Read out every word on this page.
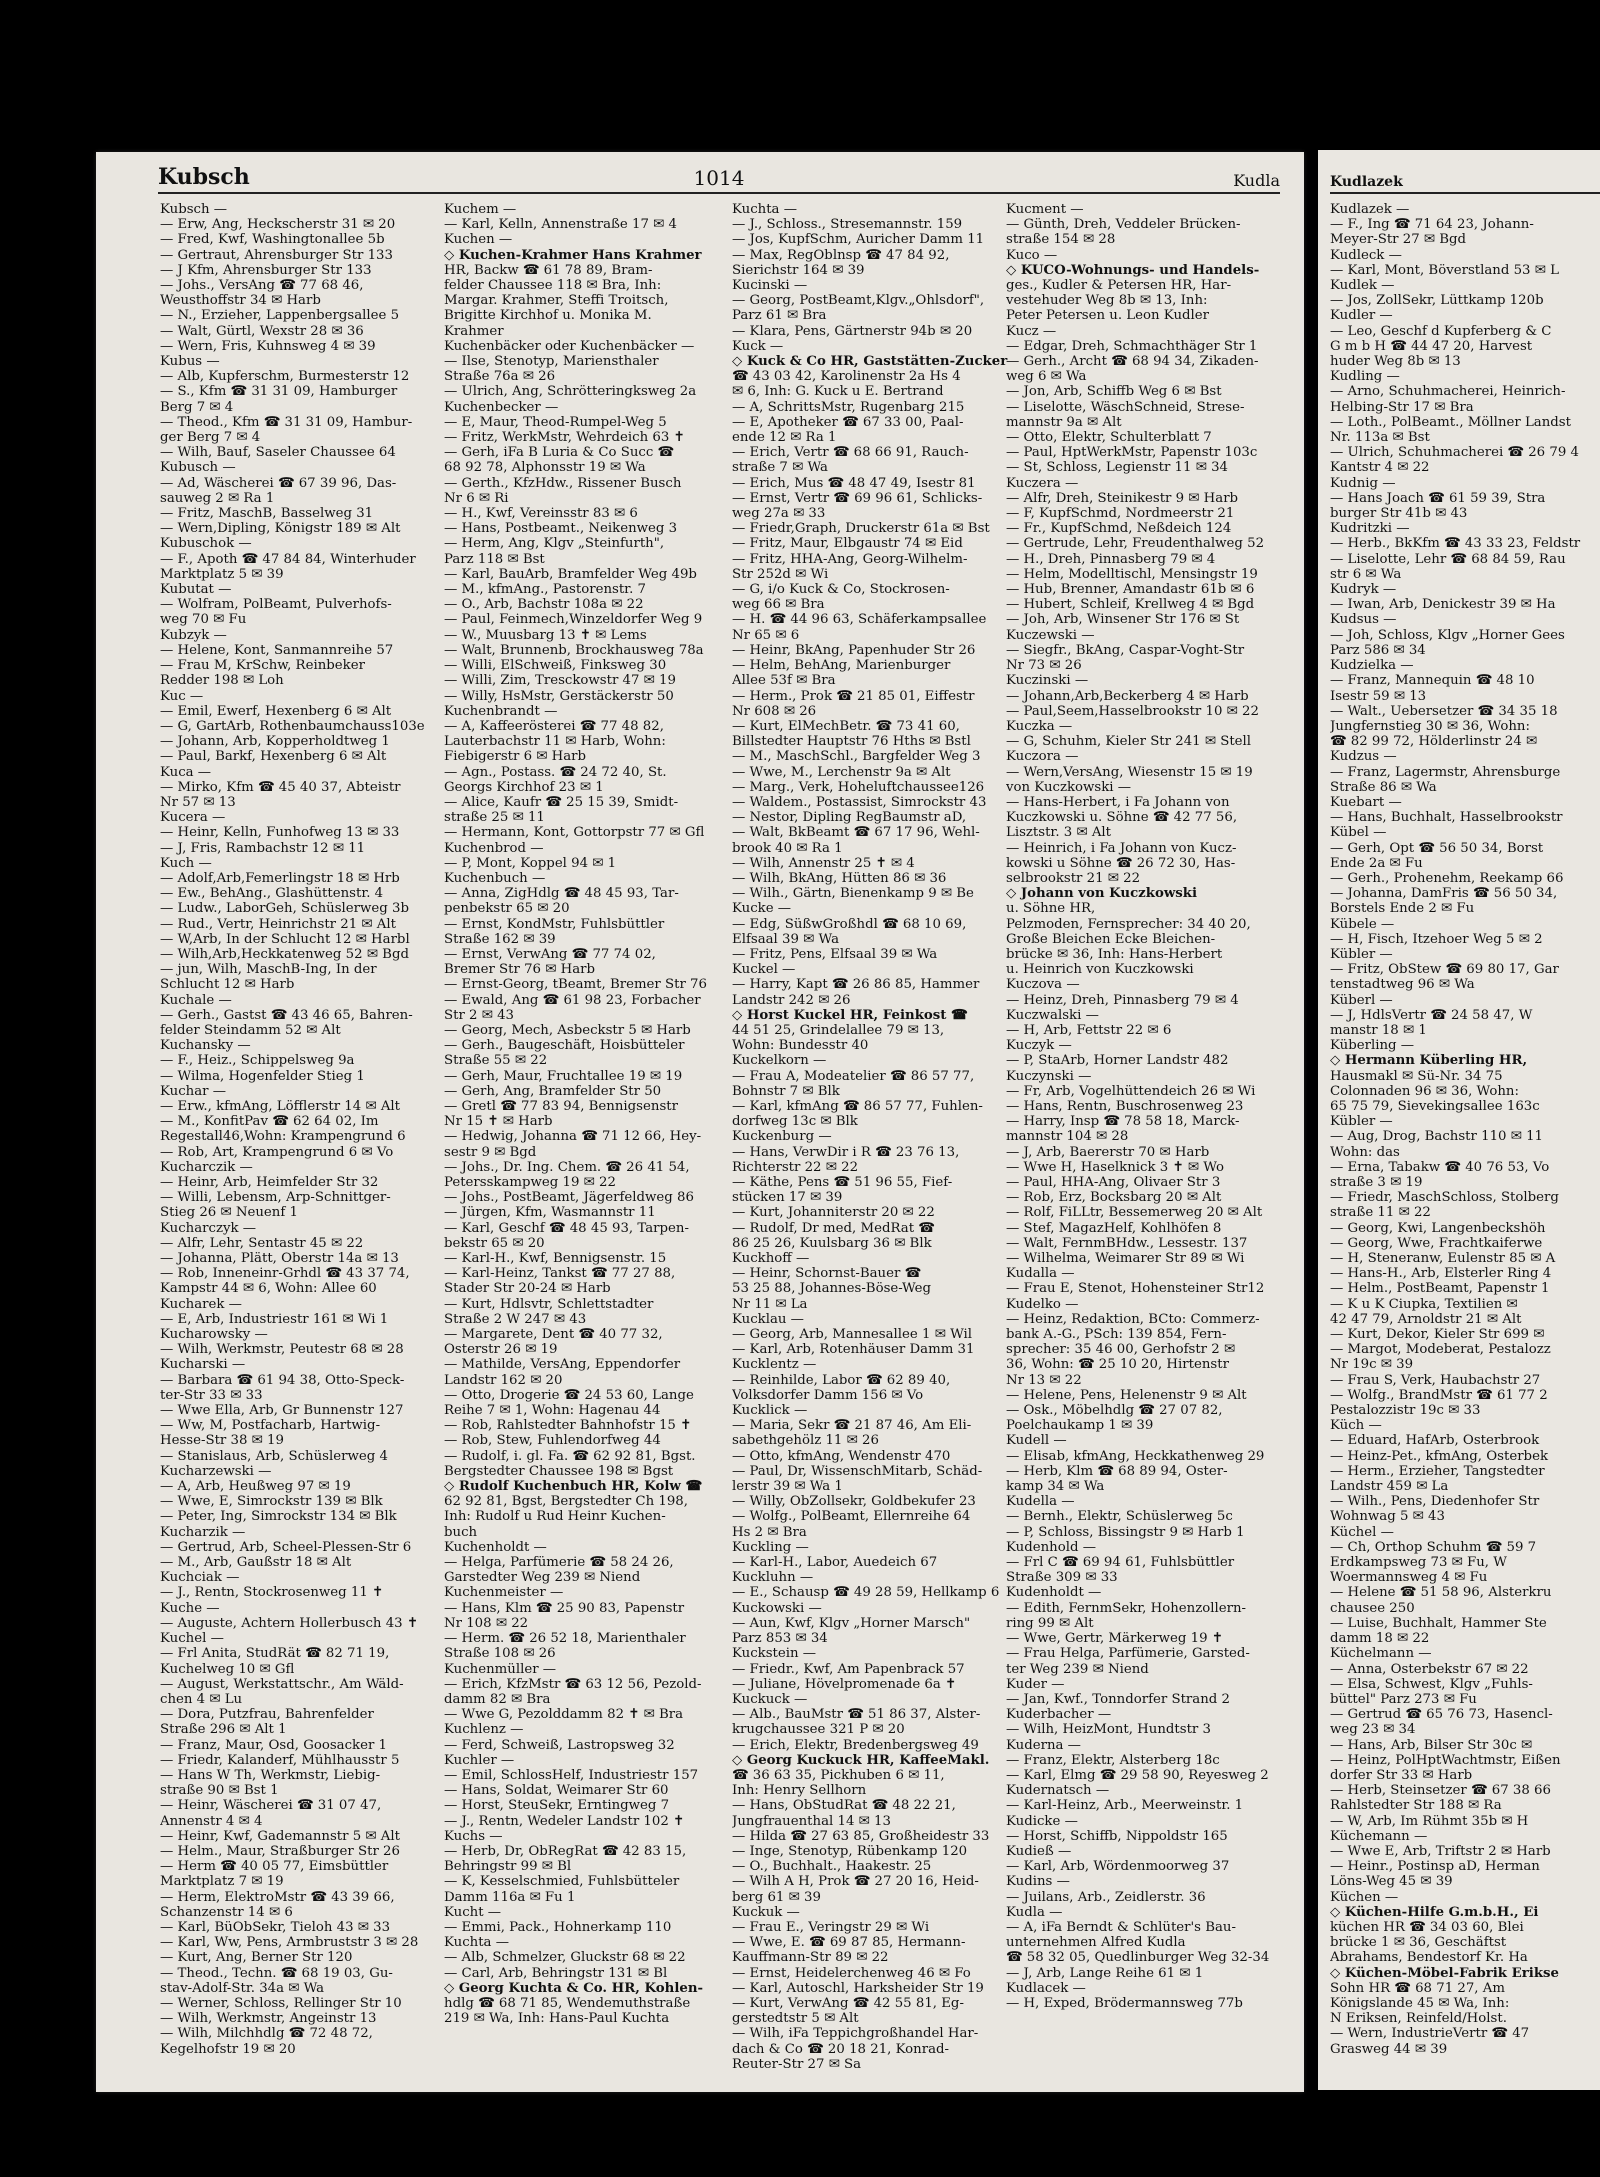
Kubsch	1014	Kudla
Kubsch —
— Erw, Ang, Heckscherstr 31 ✉ 20
— Fred, Kwf, Washingtonallee 5b
— Gertraut, Ahrensburger Str 133
— J Kfm, Ahrensburger Str 133
— Johs., VersAng ☎ 77 68 46,
Weusthoffstr 34 ✉ Harb
— N., Erzieher, Lappenbergsallee 5
— Walt, Gürtl, Wexstr 28 ✉ 36
— Wern, Fris, Kuhnsweg 4 ✉ 39
Kubus —
— Alb, Kupferschm, Burmesterstr 12
— S., Kfm ☎ 31 31 09, Hamburger
Berg 7 ✉ 4
— Theod., Kfm ☎ 31 31 09, Hambur-
ger Berg 7 ✉ 4
— Wilh, Bauf, Saseler Chaussee 64
Kubusch —
— Ad, Wäscherei ☎ 67 39 96, Das-
sauweg 2 ✉ Ra 1
— Fritz, MaschB, Basselweg 31
— Wern,Dipling, Königstr 189 ✉ Alt
Kubuschok —
— F., Apoth ☎ 47 84 84, Winterhuder
Marktplatz 5 ✉ 39
Kubutat —
— Wolfram, PolBeamt, Pulverhofs-
weg 70 ✉ Fu
Kubzyk —
— Helene, Kont, Sanmannreihe 57
— Frau M, KrSchw, Reinbeker
Redder 198 ✉ Loh
Kuc —
— Emil, Ewerf, Hexenberg 6 ✉ Alt
— G, GartArb, Rothenbaumchauss103e
— Johann, Arb, Kopperholdtweg 1
— Paul, Barkf, Hexenberg 6 ✉ Alt
Kuca —
— Mirko, Kfm ☎ 45 40 37, Abteistr
Nr 57 ✉ 13
Kucera —
— Heinr, Kelln, Funhofweg 13 ✉ 33
— J, Fris, Rambachstr 12 ✉ 11
Kuch —
— Adolf,Arb,Femerlingstr 18 ✉ Hrb
— Ew., BehAng., Glashüttenstr. 4
— Ludw., LaborGeh, Schüslerweg 3b
— Rud., Vertr, Heinrichstr 21 ✉ Alt
— W,Arb, In der Schlucht 12 ✉ Harbl
— Wilh,Arb,Heckkatenweg 52 ✉ Bgd
— jun, Wilh, MaschB-Ing, In der
Schlucht 12 ✉ Harb
Kuchale —
— Gerh., Gastst ☎ 43 46 65, Bahren-
felder Steindamm 52 ✉ Alt
Kuchansky —
— F., Heiz., Schippelsweg 9a
— Wilma, Hogenfelder Stieg 1
Kuchar —
— Erw., kfmAng, Löfflerstr 14 ✉ Alt
— M., KonfitPav ☎ 62 64 02, Im
Regestall46,Wohn: Krampengrund 6
— Rob, Art, Krampengrund 6 ✉ Vo
Kucharczik —
— Heinr, Arb, Heimfelder Str 32
— Willi, Lebensm, Arp-Schnittger-
Stieg 26 ✉ Neuenf 1
Kucharczyk —
— Alfr, Lehr, Sentastr 45 ✉ 22
— Johanna, Plätt, Oberstr 14a ✉ 13
— Rob, Inneneinr-Grhdl ☎ 43 37 74,
Kampstr 44 ✉ 6, Wohn: Allee 60
Kucharek —
— E, Arb, Industriestr 161 ✉ Wi 1
Kucharowsky —
— Wilh, Werkmstr, Peutestr 68 ✉ 28
Kucharski —
— Barbara ☎ 61 94 38, Otto-Speck-
ter-Str 33 ✉ 33
— Wwe Ella, Arb, Gr Bunnenstr 127
— Ww, M, Postfacharb, Hartwig-
Hesse-Str 38 ✉ 19
— Stanislaus, Arb, Schüslerweg 4
Kucharzewski —
— A, Arb, Heußweg 97 ✉ 19
— Wwe, E, Simrockstr 139 ✉ Blk
— Peter, Ing, Simrockstr 134 ✉ Blk
Kucharzik —
— Gertrud, Arb, Scheel-Plessen-Str 6
— M., Arb, Gaußstr 18 ✉ Alt
Kuchciak —
— J., Rentn, Stockrosenweg 11 ✝
Kuche —
— Auguste, Achtern Hollerbusch 43 ✝
Kuchel —
— Frl Anita, StudRät ☎ 82 71 19,
Kuchelweg 10 ✉ Gfl
— August, Werkstattschr., Am Wäld-
chen 4 ✉ Lu
— Dora, Putzfrau, Bahrenfelder
Straße 296 ✉ Alt 1
— Franz, Maur, Osd, Goosacker 1
— Friedr, Kalanderf, Mühlhausstr 5
— Hans W Th, Werkmstr, Liebig-
straße 90 ✉ Bst 1
— Heinr, Wäscherei ☎ 31 07 47,
Annenstr 4 ✉ 4
— Heinr, Kwf, Gademannstr 5 ✉ Alt
— Helm., Maur, Straßburger Str 26
— Herm ☎ 40 05 77, Eimsbüttler
Marktplatz 7 ✉ 19
— Herm, ElektroMstr ☎ 43 39 66,
Schanzenstr 14 ✉ 6
— Karl, BüObSekr, Tieloh 43 ✉ 33
— Karl, Ww, Pens, Armbruststr 3 ✉ 28
— Kurt, Ang, Berner Str 120
— Theod., Techn. ☎ 68 19 03, Gu-
stav-Adolf-Str. 34a ✉ Wa
— Werner, Schloss, Rellinger Str 10
— Wilh, Werkmstr, Angeinstr 13
— Wilh, Milchhdlg ☎ 72 48 72,
Kegelhofstr 19 ✉ 20
Kuchem —
— Karl, Kelln, Annenstraße 17 ✉ 4
Kuchen —
◇ Kuchen-Krahmer Hans Krahmer
HR, Backw ☎ 61 78 89, Bram-
felder Chaussee 118 ✉ Bra, Inh:
Margar. Krahmer, Steffi Troitsch,
Brigitte Kirchhof u. Monika M.
Krahmer
Kuchenbäcker oder Kuchenbäcker —
— Ilse, Stenotyp, Mariensthaler
Straße 76a ✉ 26
— Ulrich, Ang, Schrötteringksweg 2a
Kuchenbecker —
— E, Maur, Theod-Rumpel-Weg 5
— Fritz, WerkMstr, Wehrdeich 63 ✝
— Gerh, iFa B Luria & Co Succ ☎
68 92 78, Alphonsstr 19 ✉ Wa
— Gerth., KfzHdw., Rissener Busch
Nr 6 ✉ Ri
— H., Kwf, Vereinsstr 83 ✉ 6
— Hans, Postbeamt., Neikenweg 3
— Herm, Ang, Klgv „Steinfurth",
Parz 118 ✉ Bst
— Karl, BauArb, Bramfelder Weg 49b
— M., kfmAng., Pastorenstr. 7
— O., Arb, Bachstr 108a ✉ 22
— Paul, Feinmech,Winzeldorfer Weg 9
— W., Muusbarg 13 ✝ ✉ Lems
— Walt, Brunnenb, Brockhausweg 78a
— Willi, ElSchweiß, Finksweg 30
— Willi, Zim, Tresckowstr 47 ✉ 19
— Willy, HsMstr, Gerstäckerstr 50
Kuchenbrandt —
— A, Kaffeerösterei ☎ 77 48 82,
Lauterbachstr 11 ✉ Harb, Wohn:
Fiebigerstr 6 ✉ Harb
— Agn., Postass. ☎ 24 72 40, St.
Georgs Kirchhof 23 ✉ 1
— Alice, Kaufr ☎ 25 15 39, Smidt-
straße 25 ✉ 11
— Hermann, Kont, Gottorpstr 77 ✉ Gfl
Kuchenbrod —
— P, Mont, Koppel 94 ✉ 1
Kuchenbuch —
— Anna, ZigHdlg ☎ 48 45 93, Tar-
penbekstr 65 ✉ 20
— Ernst, KondMstr, Fuhlsbüttler
Straße 162 ✉ 39
— Ernst, VerwAng ☎ 77 74 02,
Bremer Str 76 ✉ Harb
— Ernst-Georg, tBeamt, Bremer Str 76
— Ewald, Ang ☎ 61 98 23, Forbacher
Str 2 ✉ 43
— Georg, Mech, Asbeckstr 5 ✉ Harb
— Gerh., Baugeschäft, Hoisbütteler
Straße 55 ✉ 22
— Gerh, Maur, Fruchtallee 19 ✉ 19
— Gerh, Ang, Bramfelder Str 50
— Gretl ☎ 77 83 94, Bennigsenstr
Nr 15 ✝ ✉ Harb
— Hedwig, Johanna ☎ 71 12 66, Hey-
sestr 9 ✉ Bgd
— Johs., Dr. Ing. Chem. ☎ 26 41 54,
Petersskampweg 19 ✉ 22
— Johs., PostBeamt, Jägerfeldweg 86
— Jürgen, Kfm, Wasmannstr 11
— Karl, Geschf ☎ 48 45 93, Tarpen-
bekstr 65 ✉ 20
— Karl-H., Kwf, Bennigsenstr. 15
— Karl-Heinz, Tankst ☎ 77 27 88,
Stader Str 20-24 ✉ Harb
— Kurt, Hdlsvtr, Schlettstadter
Straße 2 W 247 ✉ 43
— Margarete, Dent ☎ 40 77 32,
Osterstr 26 ✉ 19
— Mathilde, VersAng, Eppendorfer
Landstr 162 ✉ 20
— Otto, Drogerie ☎ 24 53 60, Lange
Reihe 7 ✉ 1, Wohn: Hagenau 44
— Rob, Rahlstedter Bahnhofstr 15 ✝
— Rob, Stew, Fuhlendorfweg 44
— Rudolf, i. gl. Fa. ☎ 62 92 81, Bgst.
Bergstedter Chaussee 198 ✉ Bgst
◇ Rudolf Kuchenbuch HR, Kolw ☎
62 92 81, Bgst, Bergstedter Ch 198,
Inh: Rudolf u Rud Heinr Kuchen-
buch
Kuchenholdt —
— Helga, Parfümerie ☎ 58 24 26,
Garstedter Weg 239 ✉ Niend
Kuchenmeister —
— Hans, Klm ☎ 25 90 83, Papenstr
Nr 108 ✉ 22
— Herm. ☎ 26 52 18, Marienthaler
Straße 108 ✉ 26
Kuchenmüller —
— Erich, KfzMstr ☎ 63 12 56, Pezold-
damm 82 ✉ Bra
— Wwe G, Pezolddamm 82 ✝ ✉ Bra
Kuchlenz —
— Ferd, Schweiß, Lastropsweg 32
Kuchler —
— Emil, SchlossHelf, Industriestr 157
— Hans, Soldat, Weimarer Str 60
— Horst, SteuSekr, Erntingweg 7
— J., Rentn, Wedeler Landstr 102 ✝
Kuchs —
— Herb, Dr, ObRegRat ☎ 42 83 15,
Behringstr 99 ✉ Bl
— K, Kesselschmied, Fuhlsbütteler
Damm 116a ✉ Fu 1
Kucht —
— Emmi, Pack., Hohnerkamp 110
Kuchta —
— Alb, Schmelzer, Gluckstr 68 ✉ 22
— Carl, Arb, Behringstr 131 ✉ Bl
◇ Georg Kuchta & Co. HR, Kohlen-
hdlg ☎ 68 71 85, Wendemuthstraße
219 ✉ Wa, Inh: Hans-Paul Kuchta
Kuchta —
— J., Schloss., Stresemannstr. 159
— Jos, KupfSchm, Auricher Damm 11
— Max, RegOblnsp ☎ 47 84 92,
Sierichstr 164 ✉ 39
Kucinski —
— Georg, PostBeamt,Klgv.„Ohlsdorf",
Parz 61 ✉ Bra
— Klara, Pens, Gärtnerstr 94b ✉ 20
Kuck —
◇ Kuck & Co HR, Gaststätten-Zucker
☎ 43 03 42, Karolinenstr 2a Hs 4
✉ 6, Inh: G. Kuck u E. Bertrand
— A, SchrittsMstr, Rugenbarg 215
— E, Apotheker ☎ 67 33 00, Paal-
ende 12 ✉ Ra 1
— Erich, Vertr ☎ 68 66 91, Rauch-
straße 7 ✉ Wa
— Erich, Mus ☎ 48 47 49, Isestr 81
— Ernst, Vertr ☎ 69 96 61, Schlicks-
weg 27a ✉ 33
— Friedr,Graph, Druckerstr 61a ✉ Bst
— Fritz, Maur, Elbgaustr 74 ✉ Eid
— Fritz, HHA-Ang, Georg-Wilhelm-
Str 252d ✉ Wi
— G, i/o Kuck & Co, Stockrosen-
weg 66 ✉ Bra
— H. ☎ 44 96 63, Schäferkampsallee
Nr 65 ✉ 6
— Heinr, BkAng, Papenhuder Str 26
— Helm, BehAng, Marienburger
Allee 53f ✉ Bra
— Herm., Prok ☎ 21 85 01, Eiffestr
Nr 608 ✉ 26
— Kurt, ElMechBetr. ☎ 73 41 60,
Billstedter Hauptstr 76 Hths ✉ Bstl
— M., MaschSchl., Bargfelder Weg 3
— Wwe, M., Lerchenstr 9a ✉ Alt
— Marg., Verk, Hoheluftchaussee126
— Waldem., Postassist, Simrockstr 43
— Nestor, Dipling RegBaumstr aD,
— Walt, BkBeamt ☎ 67 17 96, Wehl-
brook 40 ✉ Ra 1
— Wilh, Annenstr 25 ✝ ✉ 4
— Wilh, BkAng, Hütten 86 ✉ 36
— Wilh., Gärtn, Bienenkamp 9 ✉ Be
Kucke —
— Edg, SüßwGroßhdl ☎ 68 10 69,
Elfsaal 39 ✉ Wa
— Fritz, Pens, Elfsaal 39 ✉ Wa
Kuckel —
— Harry, Kapt ☎ 26 86 85, Hammer
Landstr 242 ✉ 26
◇ Horst Kuckel HR, Feinkost ☎
44 51 25, Grindelallee 79 ✉ 13,
Wohn: Bundesstr 40
Kuckelkorn —
— Frau A, Modeatelier ☎ 86 57 77,
Bohnstr 7 ✉ Blk
— Karl, kfmAng ☎ 86 57 77, Fuhlen-
dorfweg 13c ✉ Blk
Kuckenburg —
— Hans, VerwDir i R ☎ 23 76 13,
Richterstr 22 ✉ 22
— Käthe, Pens ☎ 51 96 55, Fief-
stücken 17 ✉ 39
— Kurt, Johanniterstr 20 ✉ 22
— Rudolf, Dr med, MedRat ☎
86 25 26, Kuulsbarg 36 ✉ Blk
Kuckhoff —
— Heinr, Schornst-Bauer ☎
53 25 88, Johannes-Böse-Weg
Nr 11 ✉ La
Kucklau —
— Georg, Arb, Mannesallee 1 ✉ Wil
— Karl, Arb, Rotenhäuser Damm 31
Kucklentz —
— Reinhilde, Labor ☎ 62 89 40,
Volksdorfer Damm 156 ✉ Vo
Kucklick —
— Maria, Sekr ☎ 21 87 46, Am Eli-
sabethgehölz 11 ✉ 26
— Otto, kfmAng, Wendenstr 470
— Paul, Dr, WissenschMitarb, Schäd-
lerstr 39 ✉ Wa 1
— Willy, ObZollsekr, Goldbekufer 23
— Wolfg., PolBeamt, Ellernreihe 64
Hs 2 ✉ Bra
Kuckling —
— Karl-H., Labor, Auedeich 67
Kuckluhn —
— E., Schausp ☎ 49 28 59, Hellkamp 6
Kuckowski —
— Aun, Kwf, Klgv „Horner Marsch"
Parz 853 ✉ 34
Kuckstein —
— Friedr., Kwf, Am Papenbrack 57
— Juliane, Hövelpromenade 6a ✝
Kuckuck —
— Alb., BauMstr ☎ 51 86 37, Alster-
krugchaussee 321 P ✉ 20
— Erich, Elektr, Bredenbergsweg 49
◇ Georg Kuckuck HR, KaffeeMakl.
☎ 36 63 35, Pickhuben 6 ✉ 11,
Inh: Henry Sellhorn
— Hans, ObStudRat ☎ 48 22 21,
Jungfrauenthal 14 ✉ 13
— Hilda ☎ 27 63 85, Großheidestr 33
— Inge, Stenotyp, Rübenkamp 120
— O., Buchhalt., Haakestr. 25
— Wilh A H, Prok ☎ 27 20 16, Heid-
berg 61 ✉ 39
Kuckuk —
— Frau E., Veringstr 29 ✉ Wi
— Wwe, E. ☎ 69 87 85, Hermann-
Kauffmann-Str 89 ✉ 22
— Ernst, Heidelerchenweg 46 ✉ Fo
— Karl, Autoschl, Harksheider Str 19
— Kurt, VerwAng ☎ 42 55 81, Eg-
gerstedtstr 5 ✉ Alt
— Wilh, iFa Teppichgroßhandel Har-
dach & Co ☎ 20 18 21, Konrad-
Reuter-Str 27 ✉ Sa
Kucment —
— Günth, Dreh, Veddeler Brücken-
straße 154 ✉ 28
Kuco —
◇ KUCO-Wohnungs- und Handels-
ges., Kudler & Petersen HR, Har-
vestehuder Weg 8b ✉ 13, Inh:
Peter Petersen u. Leon Kudler
Kucz —
— Edgar, Dreh, Schmachthäger Str 1
— Gerh., Archt ☎ 68 94 34, Zikaden-
weg 6 ✉ Wa
— Jon, Arb, Schiffb Weg 6 ✉ Bst
— Liselotte, WäschSchneid, Strese-
mannstr 9a ✉ Alt
— Otto, Elektr, Schulterblatt 7
— Paul, HptWerkMstr, Papenstr 103c
— St, Schloss, Legienstr 11 ✉ 34
Kuczera —
— Alfr, Dreh, Steinikestr 9 ✉ Harb
— F, KupfSchmd, Nordmeerstr 21
— Fr., KupfSchmd, Neßdeich 124
— Gertrude, Lehr, Freudenthalweg 52
— H., Dreh, Pinnasberg 79 ✉ 4
— Helm, Modelltischl, Mensingstr 19
— Hub, Brenner, Amandastr 61b ✉ 6
— Hubert, Schleif, Krellweg 4 ✉ Bgd
— Joh, Arb, Winsener Str 176 ✉ St
Kuczewski —
— Siegfr., BkAng, Caspar-Voght-Str
Nr 73 ✉ 26
Kuczinski —
— Johann,Arb,Beckerberg 4 ✉ Harb
— Paul,Seem,Hasselbrookstr 10 ✉ 22
Kuczka —
— G, Schuhm, Kieler Str 241 ✉ Stell
Kuczora —
— Wern,VersAng, Wiesenstr 15 ✉ 19
von Kuczkowski —
— Hans-Herbert, i Fa Johann von
Kuczkowski u. Söhne ☎ 42 77 56,
Lisztstr. 3 ✉ Alt
— Heinrich, i Fa Johann von Kucz-
kowski u Söhne ☎ 26 72 30, Has-
selbrookstr 21 ✉ 22
◇ Johann von Kuczkowski
u. Söhne HR,
Pelzmoden, Fernsprecher: 34 40 20,
Große Bleichen Ecke Bleichen-
brücke ✉ 36, Inh: Hans-Herbert
u. Heinrich von Kuczkowski
Kuczova —
— Heinz, Dreh, Pinnasberg 79 ✉ 4
Kuczwalski —
— H, Arb, Fettstr 22 ✉ 6
Kuczyk —
— P, StaArb, Horner Landstr 482
Kuczynski —
— Fr, Arb, Vogelhüttendeich 26 ✉ Wi
— Hans, Rentn, Buschrosenweg 23
— Harry, Insp ☎ 78 58 18, Marck-
mannstr 104 ✉ 28
— J, Arb, Baererstr 70 ✉ Harb
— Wwe H, Haselknick 3 ✝ ✉ Wo
— Paul, HHA-Ang, Olivaer Str 3
— Rob, Erz, Bocksbarg 20 ✉ Alt
— Rolf, FiLLtr, Bessemerweg 20 ✉ Alt
— Stef, MagazHelf, Kohlhöfen 8
— Walt, FernmBHdw., Lessestr. 137
— Wilhelma, Weimarer Str 89 ✉ Wi
Kudalla —
— Frau E, Stenot, Hohensteiner Str12
Kudelko —
— Heinz, Redaktion, BCto: Commerz-
bank A.-G., PSch: 139 854, Fern-
sprecher: 35 46 00, Gerhofstr 2 ✉
36, Wohn: ☎ 25 10 20, Hirtenstr
Nr 13 ✉ 22
— Helene, Pens, Helenenstr 9 ✉ Alt
— Osk., Möbelhdlg ☎ 27 07 82,
Poelchaukamp 1 ✉ 39
Kudell —
— Elisab, kfmAng, Heckkathenweg 29
— Herb, Klm ☎ 68 89 94, Oster-
kamp 34 ✉ Wa
Kudella —
— Bernh., Elektr, Schüslerweg 5c
— P, Schloss, Bissingstr 9 ✉ Harb 1
Kudenhold —
— Frl C ☎ 69 94 61, Fuhlsbüttler
Straße 309 ✉ 33
Kudenholdt —
— Edith, FernmSekr, Hohenzollern-
ring 99 ✉ Alt
— Wwe, Gertr, Märkerweg 19 ✝
— Frau Helga, Parfümerie, Garsted-
ter Weg 239 ✉ Niend
Kuder —
— Jan, Kwf., Tonndorfer Strand 2
Kuderbacher —
— Wilh, HeizMont, Hundtstr 3
Kuderna —
— Franz, Elektr, Alsterberg 18c
— Karl, Elmg ☎ 29 58 90, Reyesweg 2
Kudernatsch —
— Karl-Heinz, Arb., Meerweinstr. 1
Kudicke —
— Horst, Schiffb, Nippoldstr 165
Kudieß —
— Karl, Arb, Wördenmoorweg 37
Kudins —
— Juilans, Arb., Zeidlerstr. 36
Kudla —
— A, iFa Berndt & Schlüter's Bau-
unternehmen Alfred Kudla
☎ 58 32 05, Quedlinburger Weg 32-34
— J, Arb, Lange Reihe 61 ✉ 1
Kudlacek —
— H, Exped, Brödermannsweg 77b
Kudlazek
Kudlazek —
— F., Ing ☎ 71 64 23, Johann-
Meyer-Str 27 ✉ Bgd
Kudleck —
— Karl, Mont, Böverstland 53 ✉ L
Kudlek —
— Jos, ZollSekr, Lüttkamp 120b
Kudler —
— Leo, Geschf d Kupferberg & C
G m b H ☎ 44 47 20, Harvest
huder Weg 8b ✉ 13
Kudling —
— Arno, Schuhmacherei, Heinrich-
Helbing-Str 17 ✉ Bra
— Loth., PolBeamt., Möllner Landst
Nr. 113a ✉ Bst
— Ulrich, Schuhmacherei ☎ 26 79 4
Kantstr 4 ✉ 22
Kudnig —
— Hans Joach ☎ 61 59 39, Stra
burger Str 41b ✉ 43
Kudritzki —
— Herb., BkKfm ☎ 43 33 23, Feldstr
— Liselotte, Lehr ☎ 68 84 59, Rau
str 6 ✉ Wa
Kudryk —
— Iwan, Arb, Denickestr 39 ✉ Ha
Kudsus —
— Joh, Schloss, Klgv „Horner Gees
Parz 586 ✉ 34
Kudzielka —
— Franz, Mannequin ☎ 48 10
Isestr 59 ✉ 13
— Walt., Uebersetzer ☎ 34 35 18
Jungfernstieg 30 ✉ 36, Wohn:
☎ 82 99 72, Hölderlinstr 24 ✉
Kudzus —
— Franz, Lagermstr, Ahrensburge
Straße 86 ✉ Wa
Kuebart —
— Hans, Buchhalt, Hasselbrookstr
Kübel —
— Gerh, Opt ☎ 56 50 34, Borst
Ende 2a ✉ Fu
— Gerh., Prohenehm, Reekamp 66
— Johanna, DamFris ☎ 56 50 34,
Borstels Ende 2 ✉ Fu
Kübele —
— H, Fisch, Itzehoer Weg 5 ✉ 2
Kübler —
— Fritz, ObStew ☎ 69 80 17, Gar
tenstadtweg 96 ✉ Wa
Küberl —
— J, HdlsVertr ☎ 24 58 47, W
manstr 18 ✉ 1
Küberling —
◇ Hermann Küberling HR,
Hausmakl ✉ Sü-Nr. 34 75
Colonnaden 96 ✉ 36, Wohn:
65 75 79, Sievekingsallee 163c
Kübler —
— Aug, Drog, Bachstr 110 ✉ 11
Wohn: das
— Erna, Tabakw ☎ 40 76 53, Vo
straße 3 ✉ 19
— Friedr, MaschSchloss, Stolberg
straße 11 ✉ 22
— Georg, Kwi, Langenbeckshöh
— Georg, Wwe, Frachtkaiferwe
— H, Steneranw, Eulenstr 85 ✉ A
— Hans-H., Arb, Elsterler Ring 4
— Helm., PostBeamt, Papenstr 1
— K u K Ciupka, Textilien ✉
42 47 79, Arnoldstr 21 ✉ Alt
— Kurt, Dekor, Kieler Str 699 ✉
— Margot, Modeberat, Pestalozz
Nr 19c ✉ 39
— Frau S, Verk, Haubachstr 27
— Wolfg., BrandMstr ☎ 61 77 2
Pestalozzistr 19c ✉ 33
Küch —
— Eduard, HafArb, Osterbrook
— Heinz-Pet., kfmAng, Osterbek
— Herm., Erzieher, Tangstedter
Landstr 459 ✉ La
— Wilh., Pens, Diedenhofer Str
Wohnwag 5 ✉ 43
Küchel —
— Ch, Orthop Schuhm ☎ 59 7
Erdkampsweg 73 ✉ Fu, W
Woermannsweg 4 ✉ Fu
— Helene ☎ 51 58 96, Alsterkru
chausee 250
— Luise, Buchhalt, Hammer Ste
damm 18 ✉ 22
Küchelmann —
— Anna, Osterbekstr 67 ✉ 22
— Elsa, Schwest, Klgv „Fuhls-
büttel" Parz 273 ✉ Fu
— Gertrud ☎ 65 76 73, Hasencl-
weg 23 ✉ 34
— Hans, Arb, Bilser Str 30c ✉
— Heinz, PolHptWachtmstr, Eißen
dorfer Str 33 ✉ Harb
— Herb, Steinsetzer ☎ 67 38 66
Rahlstedter Str 188 ✉ Ra
— W, Arb, Im Rühmt 35b ✉ H
Küchemann —
— Wwe E, Arb, Triftstr 2 ✉ Harb
— Heinr., Postinsp aD, Herman
Löns-Weg 45 ✉ 39
Küchen —
◇ Küchen-Hilfe G.m.b.H., Ei
küchen HR ☎ 34 03 60, Blei
brücke 1 ✉ 36, Geschäftst
Abrahams, Bendestorf Kr. Ha
◇ Küchen-Möbel-Fabrik Erikse
Sohn HR ☎ 68 71 27, Am
Königslande 45 ✉ Wa, Inh:
N Eriksen, Reinfeld/Holst.
— Wern, IndustrieVertr ☎ 47
Grasweg 44 ✉ 39
